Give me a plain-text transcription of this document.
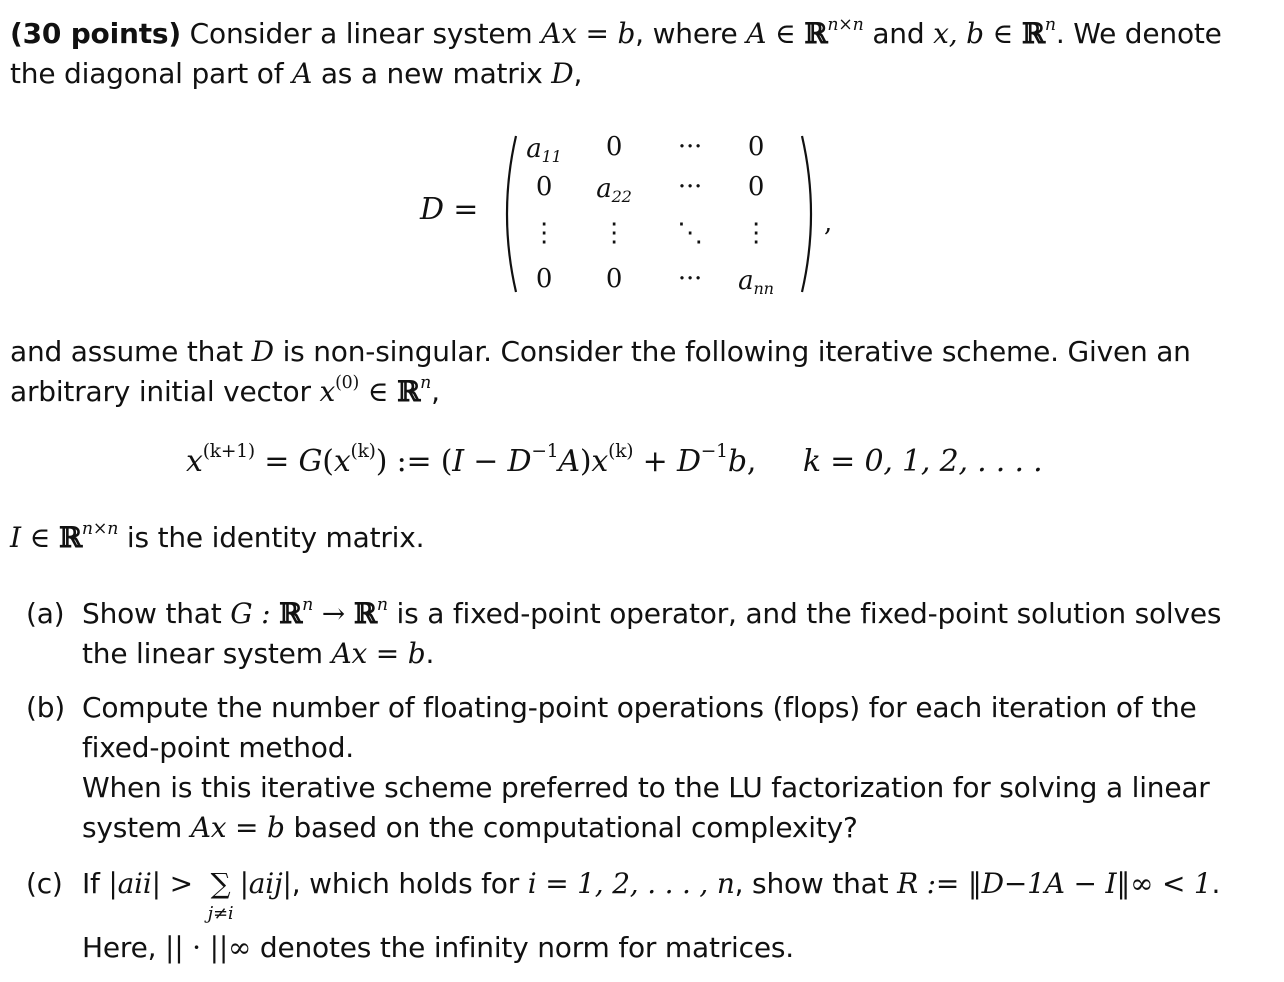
(30 points) Consider a linear system Ax = b, where A ∈ ℝ$^{n\times n}$ and x, b ∈ ℝ$^n$. We denote
the diagonal part of A as a new matrix D,
D =
$a_{11}$	0	···	0
0	$a_{22}$	···	0
⋮	⋮	⋱	⋮
0	0	···	$a_{nn}$
,
and assume that D is non-singular. Consider the following iterative scheme. Given an
arbitrary initial vector $x^{(0)}$ ∈ ℝ$^n$,
$x^{(k+1)} = G(x^{(k)})$ := $(I - D^{-1}A)x^{(k)} + D^{-1}b$, k = 0, 1, 2, . . . .
I ∈ ℝ$^{n\times n}$ is the identity matrix.
(a) Show that G : ℝ$^n$ → ℝ$^n$ is a fixed-point operator, and the fixed-point solution solves
the linear system Ax = b.
(b) Compute the number of floating-point operations (flops) for each iteration of the
fixed-point method.
When is this iterative scheme preferred to the LU factorization for solving a linear
system Ax = b based on the computational complexity?
(c) If |aii| > ∑
j≠i
|aij|, which holds for i = 1, 2, . . . , n, show that R := ‖D−1A − I‖∞ < 1.
Here, || · ||∞ denotes the infinity norm for matrices.
